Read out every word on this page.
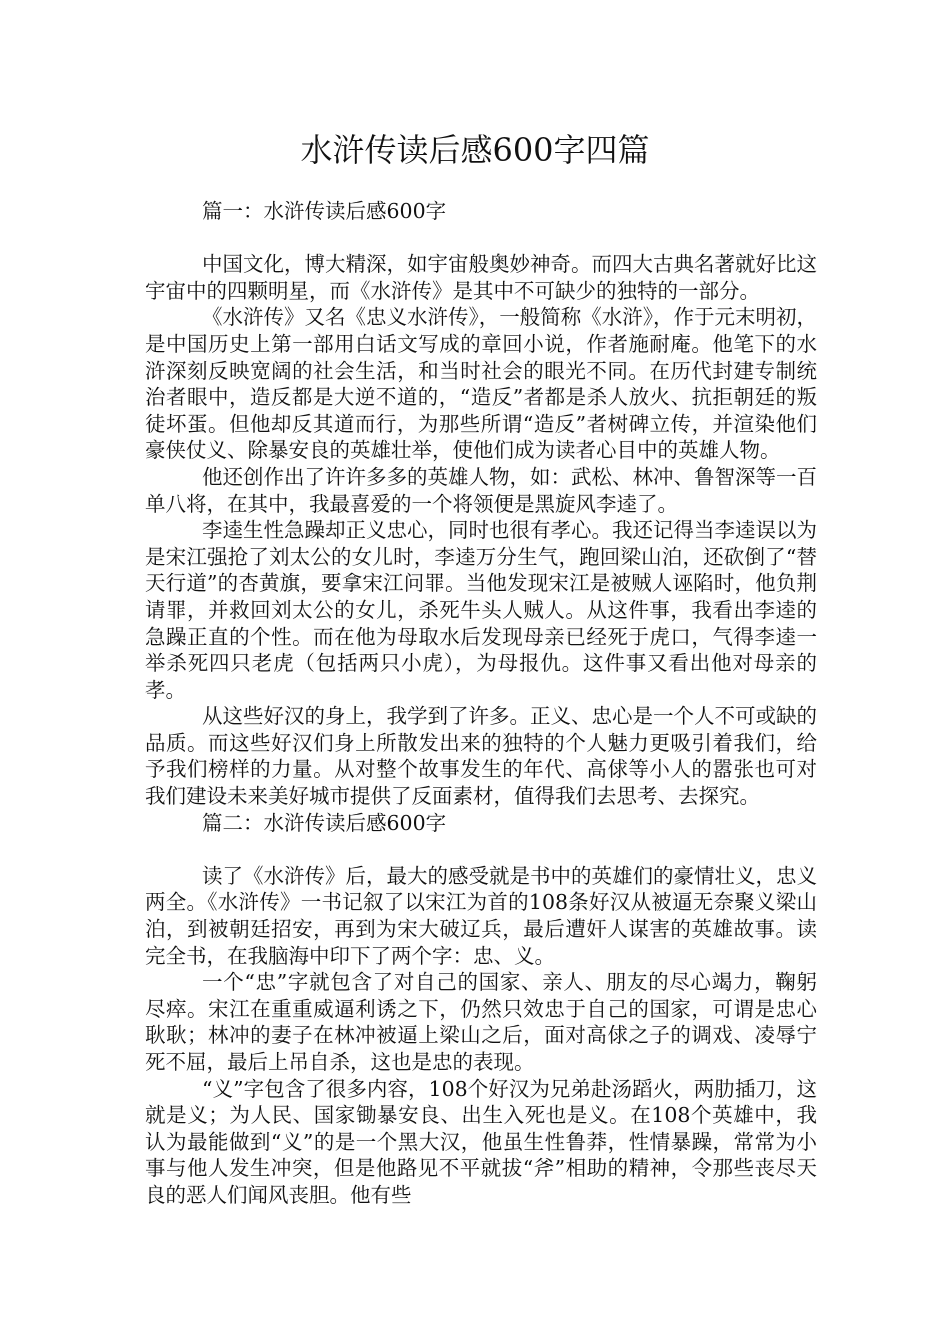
水浒传读后感600字四篇
篇一：水浒传读后感600字

中国文化，博大精深，如宇宙般奥妙神奇。而四大古典名著就好比这宇宙中的四颗明星，而《水浒传》是其中不可缺少的独特的一部分。

《水浒传》又名《忠义水浒传》，一般简称《水浒》，作于元末明初，是中国历史上第一部用白话文写成的章回小说，作者施耐庵。他笔下的水浒深刻反映宽阔的社会生活，和当时社会的眼光不同。在历代封建专制统治者眼中，造反都是大逆不道的，“造反”者都是杀人放火、抗拒朝廷的叛徒坏蛋。但他却反其道而行，为那些所谓“造反”者树碑立传，并渲染他们豪侠仗义、除暴安良的英雄壮举，使他们成为读者心目中的英雄人物。

他还创作出了许许多多的英雄人物，如：武松、林冲、鲁智深等一百单八将，在其中，我最喜爱的一个将领便是黑旋风李逵了。

李逵生性急躁却正义忠心，同时也很有孝心。我还记得当李逵误以为是宋江强抢了刘太公的女儿时，李逵万分生气，跑回梁山泊，还砍倒了“替天行道”的杏黄旗，要拿宋江问罪。当他发现宋江是被贼人诬陷时，他负荆请罪，并救回刘太公的女儿，杀死牛头人贼人。从这件事，我看出李逵的急躁正直的个性。而在他为母取水后发现母亲已经死于虎口，气得李逵一举杀死四只老虎（包括两只小虎），为母报仇。这件事又看出他对母亲的孝。

从这些好汉的身上，我学到了许多。正义、忠心是一个人不可或缺的品质。而这些好汉们身上所散发出来的独特的个人魅力更吸引着我们，给予我们榜样的力量。从对整个故事发生的年代、高俅等小人的嚣张也可对我们建设未来美好城市提供了反面素材，值得我们去思考、去探究。

篇二：水浒传读后感600字

读了《水浒传》后，最大的感受就是书中的英雄们的豪情壮义，忠义两全。《水浒传》一书记叙了以宋江为首的108条好汉从被逼无奈聚义梁山泊，到被朝廷招安，再到为宋大破辽兵，最后遭奸人谋害的英雄故事。读完全书，在我脑海中印下了两个字：忠、义。

一个“忠”字就包含了对自己的国家、亲人、朋友的尽心竭力，鞠躬尽瘁。宋江在重重威逼利诱之下，仍然只效忠于自己的国家，可谓是忠心耿耿；林冲的妻子在林冲被逼上梁山之后，面对高俅之子的调戏、凌辱宁死不屈，最后上吊自杀，这也是忠的表现。

“义”字包含了很多内容，108个好汉为兄弟赴汤蹈火，两肋插刀，这就是义；为人民、国家锄暴安良、出生入死也是义。在108个英雄中，我认为最能做到“义”的是一个黑大汉，他虽生性鲁莽，性情暴躁，常常为小事与他人发生冲突，但是他路见不平就拔“斧”相助的精神，令那些丧尽天良的恶人们闻风丧胆。他有些
